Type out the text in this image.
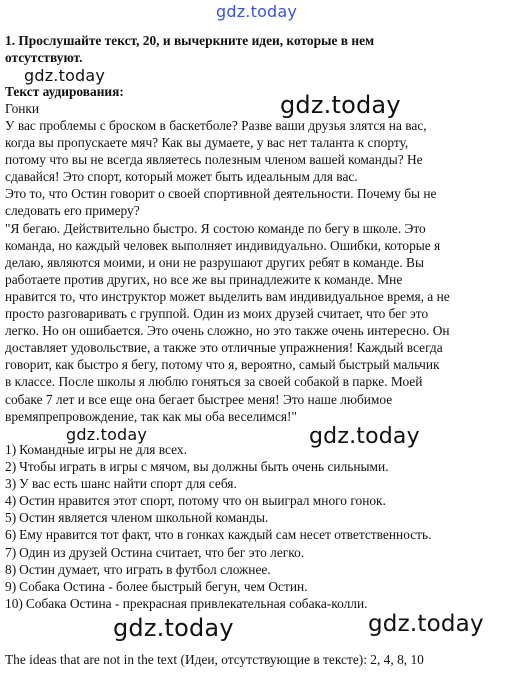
gdz.today
1. Прослушайте текст, 20, и вычеркните идеи, которые в нем
отсутствуют.
gdz.today
Текст аудирования:	gdz.today
Гонки
У вас проблемы с броском в баскетболе? Разве ваши друзья злятся на вас,
когда вы пропускаете мяч? Как вы думаете, у вас нет таланта к спорту,
потому что вы не всегда являетесь полезным членом вашей команды? Не
сдавайся! Это спорт, который может быть идеальным для вас.
Это то, что Остин говорит о своей спортивной деятельности. Почему бы не
следовать его примеру?
"Я бегаю. Действительно быстро. Я состою команде по бегу в школе. Это
команда, но каждый человек выполняет индивидуально. Ошибки, которые я
делаю, являются моими, и они не разрушают других ребят в команде. Вы
работаете против других, но все же вы принадлежите к команде. Мне
нравится то, что инструктор может выделить вам индивидуальное время, а не
просто разговаривать с группой. Один из моих друзей считает, что бег это
легко. Но он ошибается. Это очень сложно, но это также очень интересно. Он
доставляет удовольствие, а также это отличные упражнения! Каждый всегда
говорит, как быстро я бегу, потому что я, вероятно, самый быстрый мальчик
в классе. После школы я люблю гоняться за своей собакой в парке. Моей
собаке 7 лет и все еще она бегает быстрее меня! Это наше любимое
времяпрепровождение, так как мы оба веселимся!"
gdz.today	gdz.today
1) Командные игры не для всех.
2) Чтобы играть в игры с мячом, вы должны быть очень сильными.
3) У вас есть шанс найти спорт для себя.
4) Остин нравится этот спорт, потому что он выиграл много гонок.
5) Остин является членом школьной команды.
6) Ему нравится тот факт, что в гонках каждый сам несет ответственность.
7) Один из друзей Остина считает, что бег это легко.
8) Остин думает, что играть в футбол сложнее.
9) Собака Остина - более быстрый бегун, чем Остин.
10) Собака Остина - прекрасная привлекательная собака-колли.
gdz.today	gdz.today
The ideas that are not in the text (Идеи, отсутствующие в тексте): 2, 4, 8, 10
